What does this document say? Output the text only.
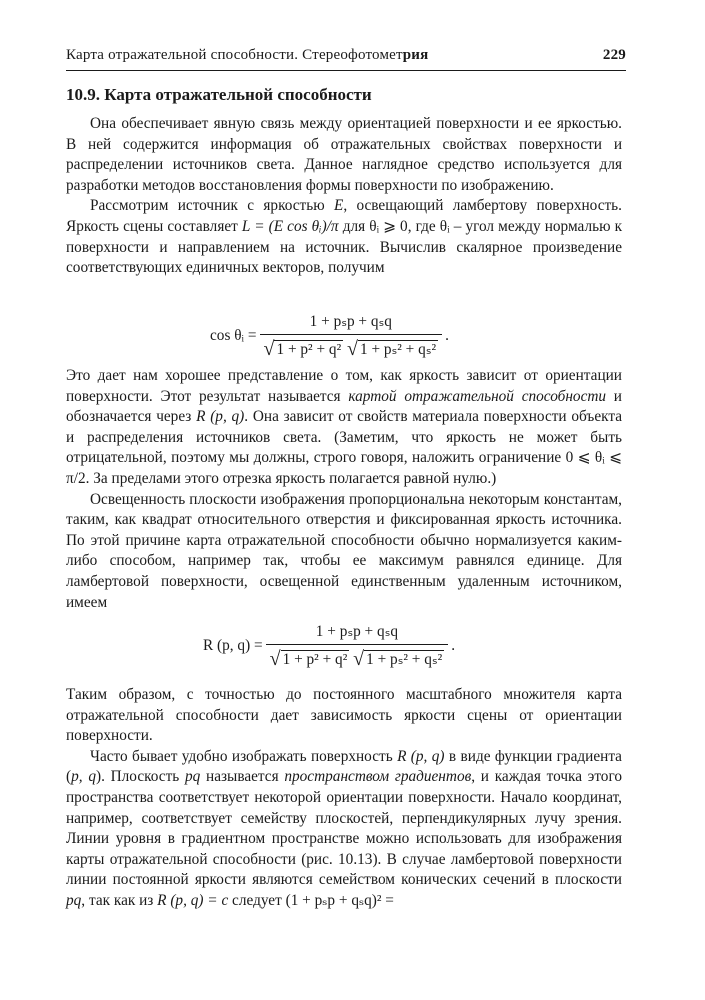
Карта отражательной способности. Стереофотометрия	229
10.9. Карта отражательной способности

Она обеспечивает явную связь между ориентацией поверхности и ее яркостью. В ней содержится информация об отражательных свойствах поверхности и распределении источников света. Данное наглядное средство используется для разработки методов восстановления формы поверхности по изображению.

Рассмотрим источник с яркостью E, освещающий ламбертову поверхность. Яркость сцены составляет L = (E cos θᵢ)/π для θᵢ ⩾ 0, где θᵢ – угол между нормалью к поверхности и направлением на источник. Вычислив скалярное произведение соответствующих единичных векторов, получим

cos θᵢ = 1 + pₛp + qₛq
√ 1 + p² + q²
√ 1 + pₛ² + qₛ² .

Это дает нам хорошее представление о том, как яркость зависит от ориентации поверхности. Этот результат называется картой отражательной способности и обозначается через R (p, q). Она зависит от свойств материала поверхности объекта и распределения источников света. (Заметим, что яркость не может быть отрицательной, поэтому мы должны, строго говоря, наложить ограничение 0 ⩽ θᵢ ⩽ π/2. За пределами этого отрезка яркость полагается равной нулю.)

Освещенность плоскости изображения пропорциональна некоторым константам, таким, как квадрат относительного отверстия и фиксированная яркость источника. По этой причине карта отражательной способности обычно нормализуется каким-либо способом, например так, чтобы ее максимум равнялся единице. Для ламбертовой поверхности, освещенной единственным удаленным источником, имеем

R (p, q) = 1 + pₛp + qₛq
√ 1 + p² + q²
√ 1 + pₛ² + qₛ² .

Таким образом, с точностью до постоянного масштабного множителя карта отражательной способности дает зависимость яркости сцены от ориентации поверхности.

Часто бывает удобно изображать поверхность R (p, q) в виде функции градиента (p, q). Плоскость pq называется пространством градиентов, и каждая точка этого пространства соответствует некоторой ориентации поверхности. Начало координат, например, соответствует семейству плоскостей, перпендикулярных лучу зрения. Линии уровня в градиентном пространстве можно использовать для изображения карты отражательной способности (рис. 10.13). В случае ламбертовой поверхности линии постоянной яркости являются семейством конических сечений в плоскости pq, так как из R (p, q) = c следует (1 + pₛp + qₛq)² =
